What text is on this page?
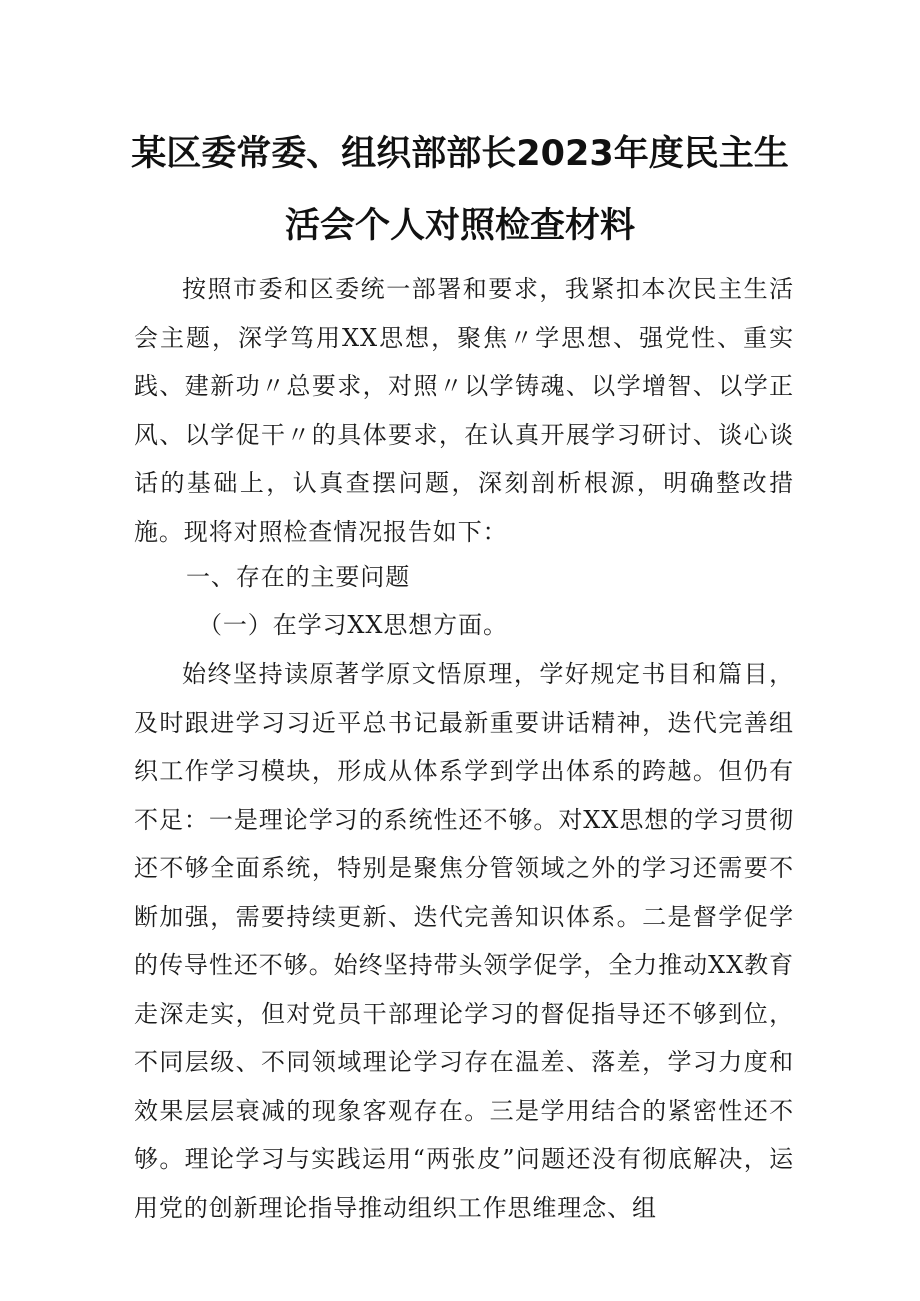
某区委常委、组织部部长2023年度民主生
活会个人对照检查材料

按照市委和区委统一部署和要求，我紧扣本次民主生活会主题，深学笃用XX思想，聚焦〃学思想、强党性、重实践、建新功〃总要求，对照〃以学铸魂、以学增智、以学正风、以学促干〃的具体要求，在认真开展学习研讨、谈心谈话的基础上，认真查摆问题，深刻剖析根源，明确整改措施。现将对照检查情况报告如下：

一、存在的主要问题

（一）在学习XX思想方面。

始终坚持读原著学原文悟原理，学好规定书目和篇目，及时跟进学习习近平总书记最新重要讲话精神，迭代完善组织工作学习模块，形成从体系学到学出体系的跨越。但仍有不足：一是理论学习的系统性还不够。对XX思想的学习贯彻还不够全面系统，特别是聚焦分管领域之外的学习还需要不断加强，需要持续更新、迭代完善知识体系。二是督学促学的传导性还不够。始终坚持带头领学促学，全力推动XX教育走深走实，但对党员干部理论学习的督促指导还不够到位，不同层级、不同领域理论学习存在温差、落差，学习力度和效果层层衰减的现象客观存在。三是学用结合的紧密性还不够。理论学习与实践运用“两张皮”问题还没有彻底解决，运用党的创新理论指导推动组织工作思维理念、组
